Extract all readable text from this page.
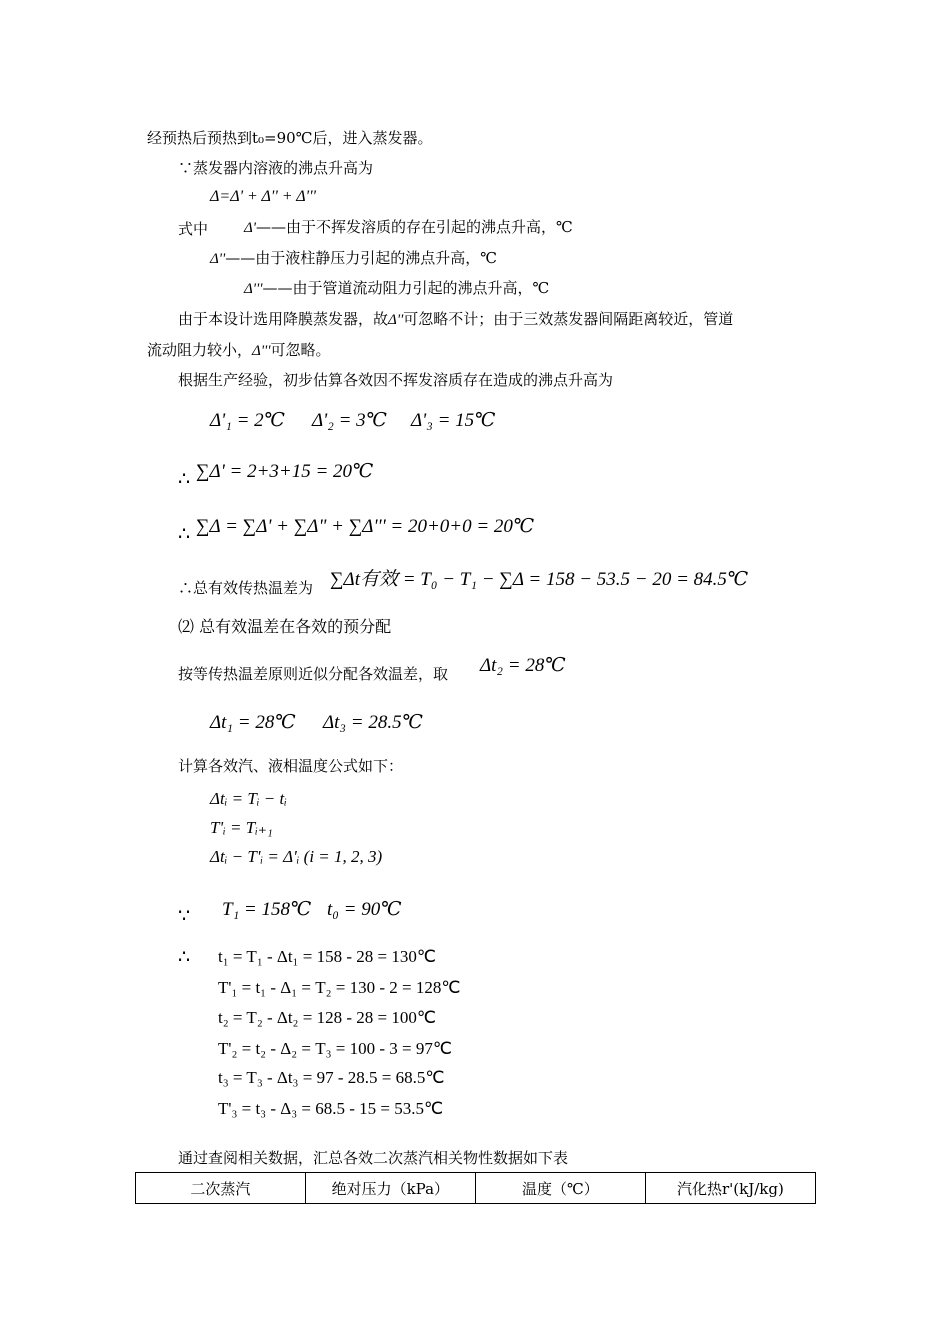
经预热后预热到t₀=90℃后，进入蒸发器。
∵蒸发器内溶液的沸点升高为
Δ=Δ' + Δ'' + Δ'''
式中 Δ'——由于不挥发溶质的存在引起的沸点升高，℃
Δ''——由于液柱静压力引起的沸点升高，℃
Δ'''——由于管道流动阻力引起的沸点升高，℃
由于本设计选用降膜蒸发器，故Δ''可忽略不计；由于三效蒸发器间隔距离较近，管道
流动阻力较小，Δ'''可忽略。
根据生产经验，初步估算各效因不挥发溶质存在造成的沸点升高为
Δ'₁ = 2℃ Δ'₂ = 3℃ Δ'₃ = 15℃
∴ ∑Δ' = 2+3+15 = 20℃
∴ ∑Δ = ∑Δ' + ∑Δ" + ∑Δ''' = 20+0+0 = 20℃
∴总有效传热温差为 ∑Δt有效 = T₀ − T₁ − ∑Δ = 158 − 53.5 − 20 = 84.5℃
⑵ 总有效温差在各效的预分配
按等传热温差原则近似分配各效温差，取 Δt₂ = 28℃
Δt₁ = 28℃ Δt₃ = 28.5℃
计算各效汽、液相温度公式如下：
Δtᵢ = Tᵢ − tᵢ
T'ᵢ = Tᵢ₊₁
Δtᵢ − T'ᵢ = Δ'ᵢ (i = 1, 2, 3)
∵ T₁ = 158℃ t₀ = 90℃
∴ t₁ = T₁ - Δt₁ = 158 - 28 = 130℃
T'₁ = t₁ - Δ₁ = T₂ = 130 - 2 = 128℃
t₂ = T₂ - Δt₂ = 128 - 28 = 100℃
T'₂ = t₂ - Δ₂ = T₃ = 100 - 3 = 97℃
t₃ = T₃ - Δt₃ = 97 - 28.5 = 68.5℃
T'₃ = t₃ - Δ₃ = 68.5 - 15 = 53.5℃
通过查阅相关数据，汇总各效二次蒸汽相关物性数据如下表
二次蒸汽	绝对压力（kPa）	温度（℃）	汽化热r'(kJ/kg)
